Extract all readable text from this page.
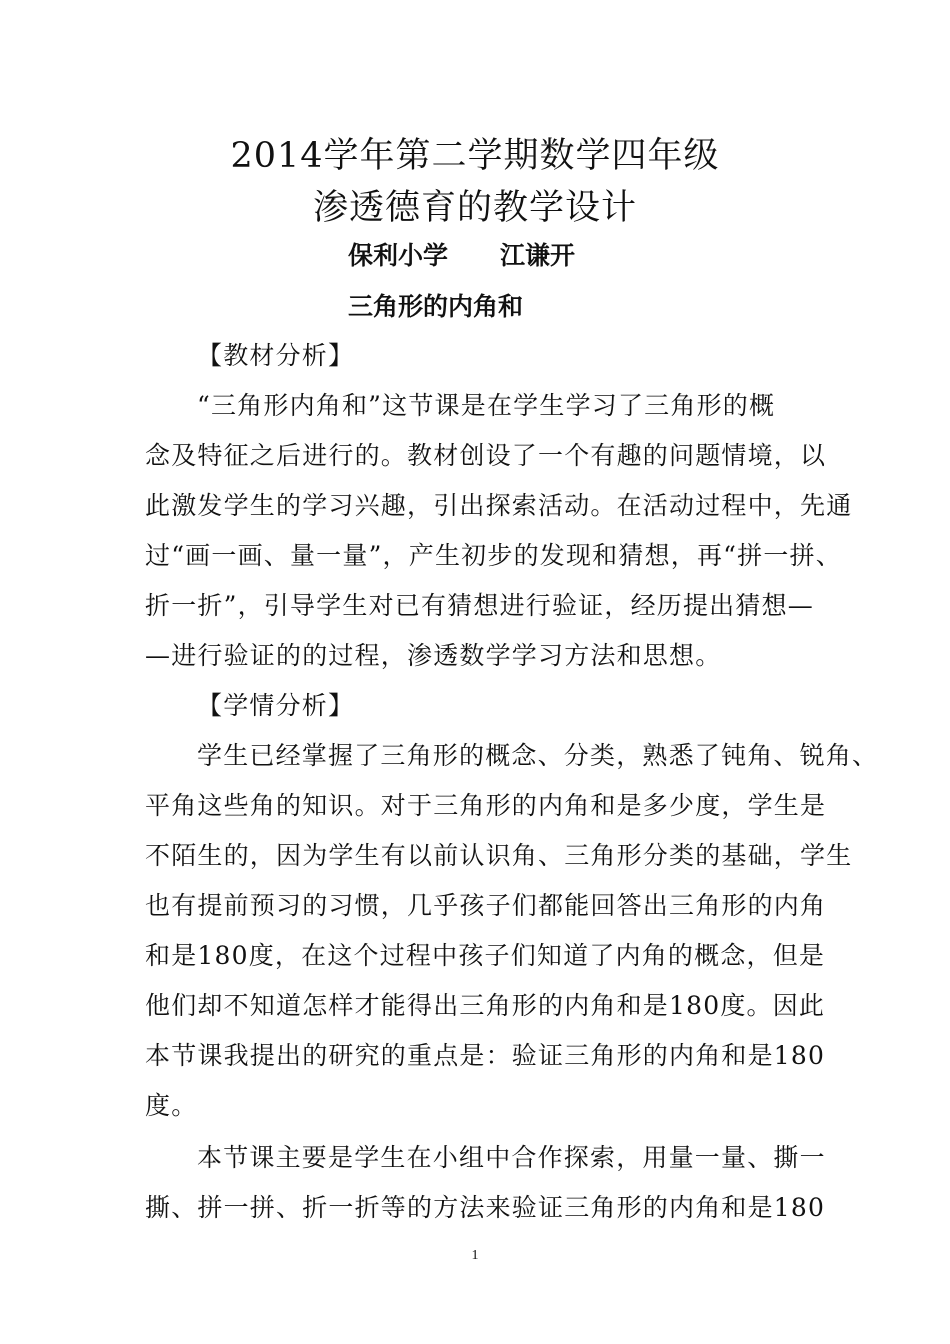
2014学年第二学期数学四年级
渗透德育的教学设计
保利小学 江谦开
三角形的内角和
【教材分析】
“三角形内角和”这节课是在学生学习了三角形的概
念及特征之后进行的。教材创设了一个有趣的问题情境，以
此激发学生的学习兴趣，引出探索活动。在活动过程中，先通
过“画一画、量一量”，产生初步的发现和猜想，再“拼一拼、
折一折”，引导学生对已有猜想进行验证，经历提出猜想—
—进行验证的的过程，渗透数学学习方法和思想。
【学情分析】
学生已经掌握了三角形的概念、分类，熟悉了钝角、锐角、
平角这些角的知识。对于三角形的内角和是多少度，学生是
不陌生的，因为学生有以前认识角、三角形分类的基础，学生
也有提前预习的习惯，几乎孩子们都能回答出三角形的内角
和是180度，在这个过程中孩子们知道了内角的概念，但是
他们却不知道怎样才能得出三角形的内角和是180度。因此
本节课我提出的研究的重点是：验证三角形的内角和是180
度。
本节课主要是学生在小组中合作探索，用量一量、撕一
撕、拼一拼、折一折等的方法来验证三角形的内角和是180
1
